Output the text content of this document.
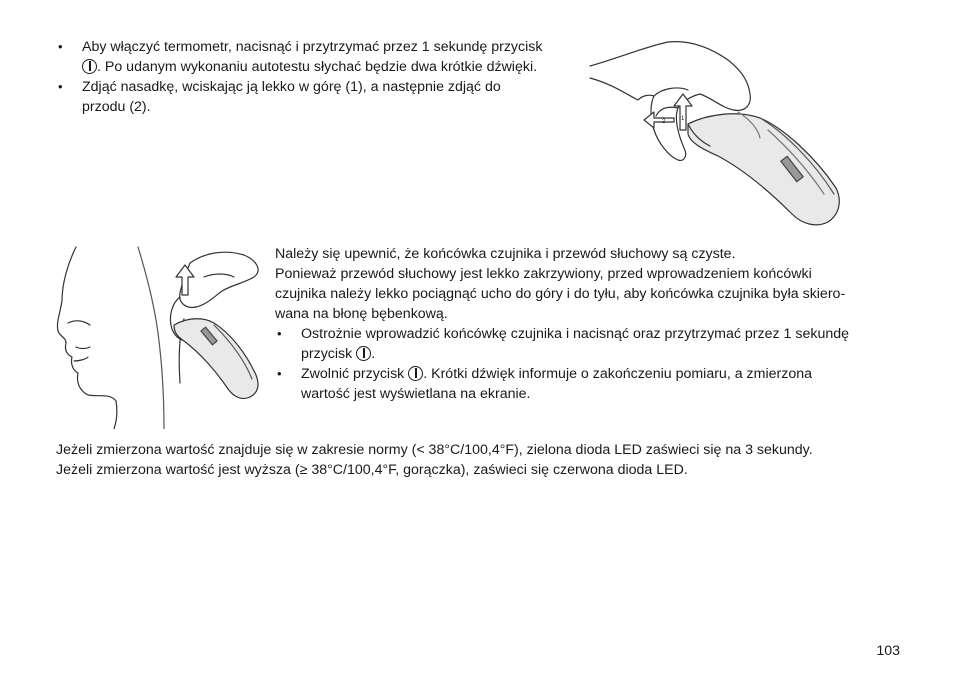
• Aby włączyć termometr, nacisnąć i przytrzymać przez 1 sekundę przycisk
. Po udanym wykonaniu autotestu słychać będzie dwa krótkie dźwięki.
• Zdjąć nasadkę, wciskając ją lekko w górę (1), a następnie zdjąć do
przodu (2).
2	1

Należy się upewnić, że końcówka czujnika i przewód słuchowy są czyste.
Ponieważ przewód słuchowy jest lekko zakrzywiony, przed wprowadzeniem końcówki
czujnika należy lekko pociągnąć ucho do góry i do tyłu, aby końcówka czujnika była skiero-
wana na błonę bębenkową.

• Ostrożnie wprowadzić końcówkę czujnika i nacisnąć oraz przytrzymać przez 1 sekundę
przycisk .
• Zwolnić przycisk . Krótki dźwięk informuje o zakończeniu pomiaru, a zmierzona
wartość jest wyświetlana na ekranie.

Jeżeli zmierzona wartość znajduje się w zakresie normy (< 38°C/100,4°F), zielona dioda LED zaświeci się na 3 sekundy.

Jeżeli zmierzona wartość jest wyższa (≥ 38°C/100,4°F, gorączka), zaświeci się czerwona dioda LED.

103
